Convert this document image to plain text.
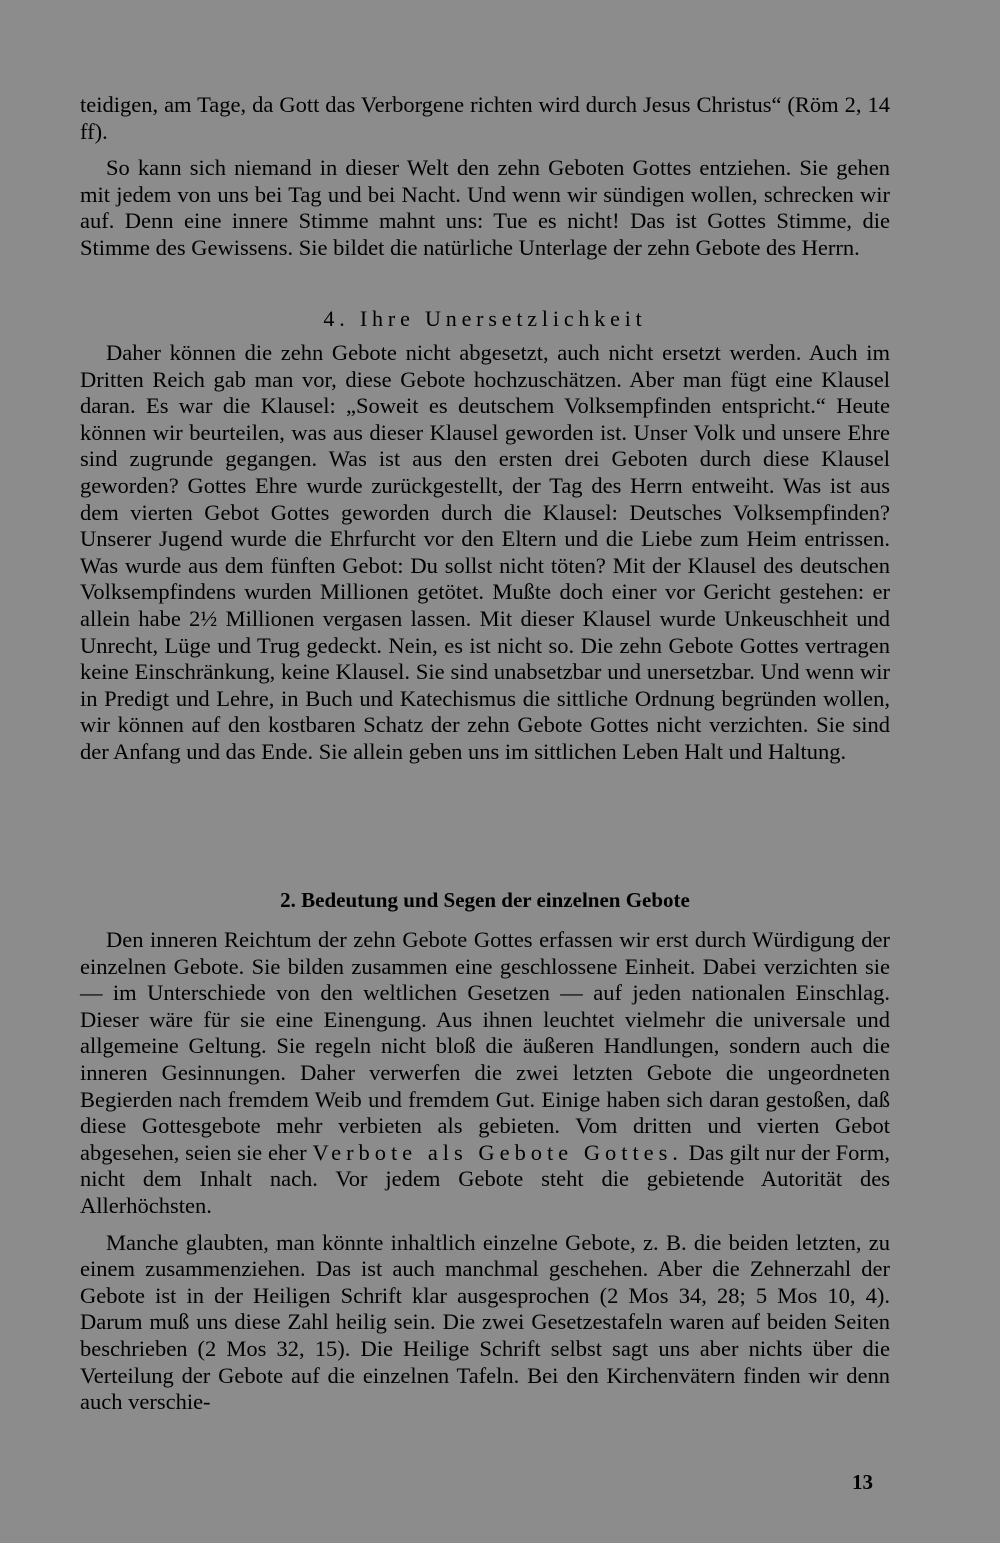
teidigen, am Tage, da Gott das Verborgene richten wird durch Jesus Christus“ (Röm 2, 14 ff).

So kann sich niemand in dieser Welt den zehn Geboten Gottes entziehen. Sie gehen mit jedem von uns bei Tag und bei Nacht. Und wenn wir sündigen wollen, schrecken wir auf. Denn eine innere Stimme mahnt uns: Tue es nicht! Das ist Gottes Stimme, die Stimme des Gewissens. Sie bildet die natürliche Unterlage der zehn Gebote des Herrn.

4. Ihre Unersetzlichkeit

Daher können die zehn Gebote nicht abgesetzt, auch nicht ersetzt werden. Auch im Dritten Reich gab man vor, diese Gebote hochzuschätzen. Aber man fügt eine Klausel daran. Es war die Klausel: „Soweit es deutschem Volksempfinden entspricht.“ Heute können wir beurteilen, was aus dieser Klausel geworden ist. Unser Volk und unsere Ehre sind zugrunde gegangen. Was ist aus den ersten drei Geboten durch diese Klausel geworden? Gottes Ehre wurde zurückgestellt, der Tag des Herrn entweiht. Was ist aus dem vierten Gebot Gottes geworden durch die Klausel: Deutsches Volksempfinden? Unserer Jugend wurde die Ehrfurcht vor den Eltern und die Liebe zum Heim entrissen. Was wurde aus dem fünften Gebot: Du sollst nicht töten? Mit der Klausel des deutschen Volksempfindens wurden Millionen getötet. Mußte doch einer vor Gericht gestehen: er allein habe 2½ Millionen vergasen lassen. Mit dieser Klausel wurde Unkeuschheit und Unrecht, Lüge und Trug gedeckt. Nein, es ist nicht so. Die zehn Gebote Gottes vertragen keine Einschränkung, keine Klausel. Sie sind unabsetzbar und unersetzbar. Und wenn wir in Predigt und Lehre, in Buch und Katechismus die sittliche Ordnung begründen wollen, wir können auf den kostbaren Schatz der zehn Gebote Gottes nicht verzichten. Sie sind der Anfang und das Ende. Sie allein geben uns im sittlichen Leben Halt und Haltung.

2. Bedeutung und Segen der einzelnen Gebote

Den inneren Reichtum der zehn Gebote Gottes erfassen wir erst durch Würdigung der einzelnen Gebote. Sie bilden zusammen eine geschlossene Einheit. Dabei verzichten sie — im Unterschiede von den weltlichen Gesetzen — auf jeden nationalen Einschlag. Dieser wäre für sie eine Einengung. Aus ihnen leuchtet vielmehr die universale und allgemeine Geltung. Sie regeln nicht bloß die äußeren Handlungen, sondern auch die inneren Gesinnungen. Daher verwerfen die zwei letzten Gebote die ungeordneten Begierden nach fremdem Weib und fremdem Gut. Einige haben sich daran gestoßen, daß diese Gottesgebote mehr verbieten als gebieten. Vom dritten und vierten Gebot abgesehen, seien sie eher Verbote als Gebote Gottes. Das gilt nur der Form, nicht dem Inhalt nach. Vor jedem Gebote steht die gebietende Autorität des Allerhöchsten.

Manche glaubten, man könnte inhaltlich einzelne Gebote, z. B. die beiden letzten, zu einem zusammenziehen. Das ist auch manchmal geschehen. Aber die Zehnerzahl der Gebote ist in der Heiligen Schrift klar ausgesprochen (2 Mos 34, 28; 5 Mos 10, 4). Darum muß uns diese Zahl heilig sein. Die zwei Gesetzestafeln waren auf beiden Seiten beschrieben (2 Mos 32, 15). Die Heilige Schrift selbst sagt uns aber nichts über die Verteilung der Gebote auf die einzelnen Tafeln. Bei den Kirchenvätern finden wir denn auch verschie-

13
